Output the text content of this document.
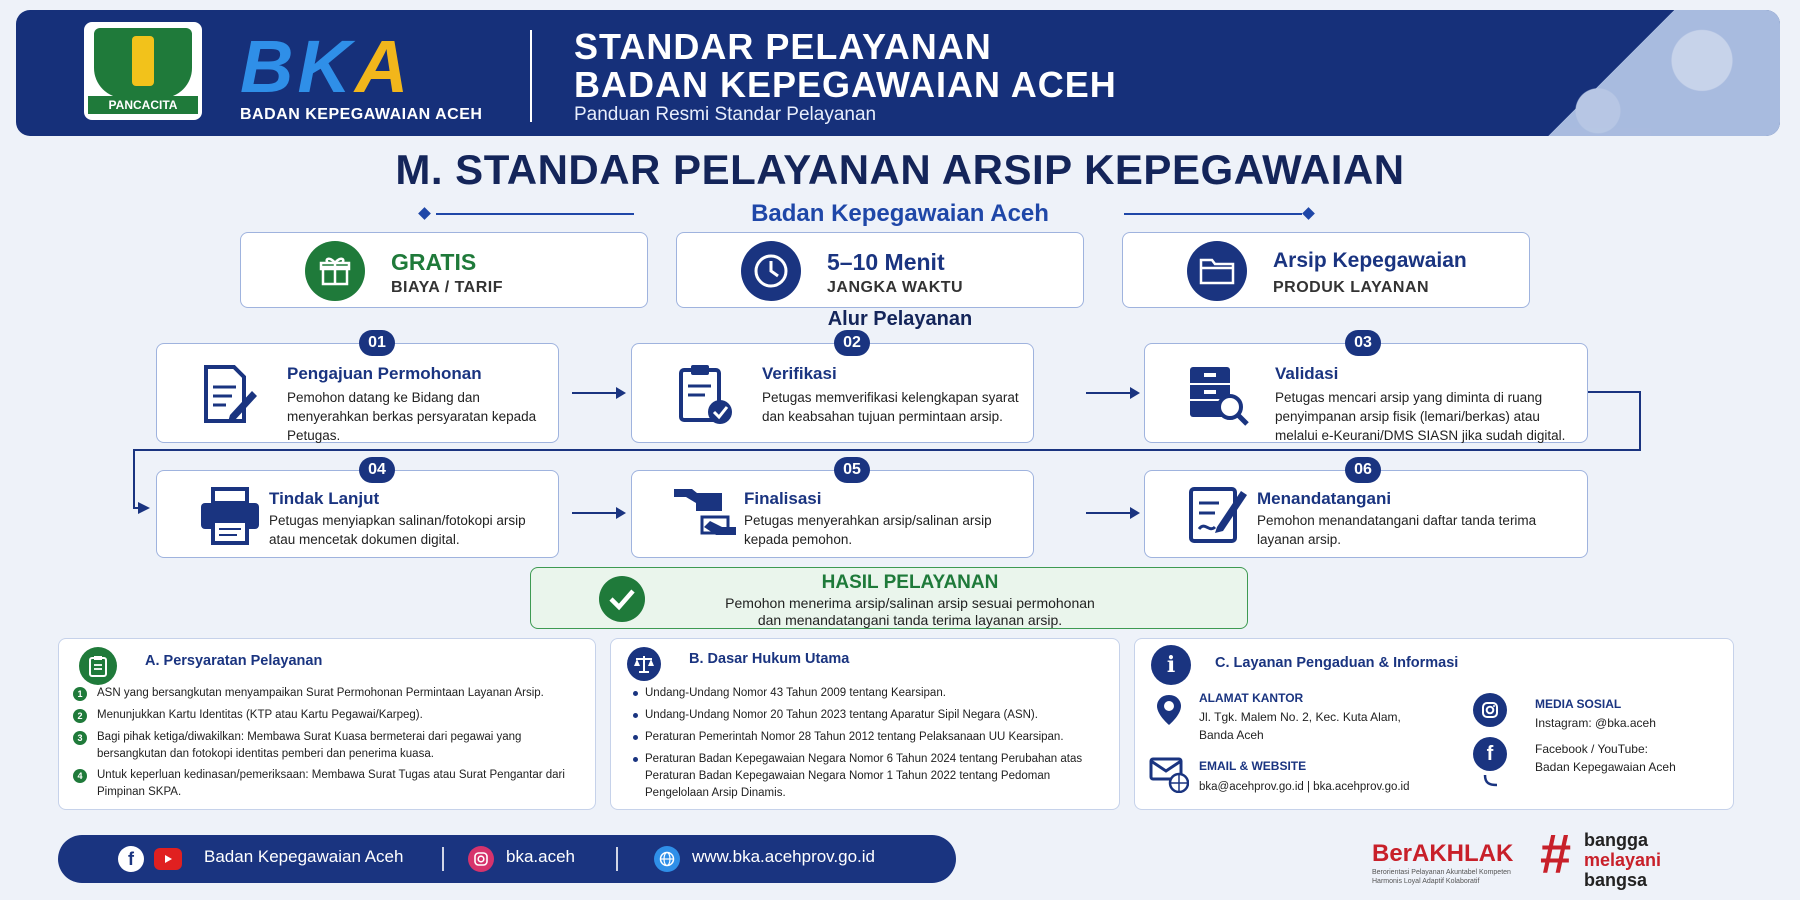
PANCACITA BKA
BADAN KEPEGAWAIAN ACEH
STANDAR PELAYANAN
BADAN KEPEGAWAIAN ACEH
Panduan Resmi Standar Pelayanan
M. STANDAR PELAYANAN ARSIP KEPEGAWAIAN
Badan Kepegawaian Aceh
GRATIS
BIAYA / TARIF
5–10 Menit
JANGKA WAKTU
Arsip Kepegawaian
PRODUK LAYANAN
Alur Pelayanan
01
Pengajuan Permohonan
Pemohon datang ke Bidang dan menyerahkan berkas persyaratan kepada Petugas.
02
Verifikasi
Petugas memverifikasi kelengkapan syarat dan keabsahan tujuan permintaan arsip.
03
Validasi
Petugas mencari arsip yang diminta di ruang penyimpanan arsip fisik (lemari/berkas) atau melalui e-Keurani/DMS SIASN jika sudah digital.
04
Tindak Lanjut
Petugas menyiapkan salinan/fotokopi arsip atau mencetak dokumen digital.
05
Finalisasi
Petugas menyerahkan arsip/salinan arsip kepada pemohon.
06
Menandatangani
Pemohon menandatangani daftar tanda terima layanan arsip.
HASIL PELAYANAN
Pemohon menerima arsip/salinan arsip sesuai permohonan
dan menandatangani tanda terima layanan arsip.
A. Persyaratan Pelayanan
1	ASN yang bersangkutan menyampaikan Surat Permohonan Permintaan Layanan Arsip.
2	Menunjukkan Kartu Identitas (KTP atau Kartu Pegawai/Karpeg).
3	Bagi pihak ketiga/diwakilkan: Membawa Surat Kuasa bermeterai dari pegawai yang bersangkutan dan fotokopi identitas pemberi dan penerima kuasa.
4	Untuk keperluan kedinasan/pemeriksaan: Membawa Surat Tugas atau Surat Pengantar dari Pimpinan SKPA.
B. Dasar Hukum Utama
Undang-Undang Nomor 43 Tahun 2009 tentang Kearsipan.
Undang-Undang Nomor 20 Tahun 2023 tentang Aparatur Sipil Negara (ASN).
Peraturan Pemerintah Nomor 28 Tahun 2012 tentang Pelaksanaan UU Kearsipan.
Peraturan Badan Kepegawaian Negara Nomor 6 Tahun 2024 tentang Perubahan atas Peraturan Badan Kepegawaian Negara Nomor 1 Tahun 2022 tentang Pedoman Pengelolaan Arsip Dinamis.
i	C. Layanan Pengaduan & Informasi
ALAMAT KANTOR
Jl. Tgk. Malem No. 2, Kec. Kuta Alam,
Banda Aceh
EMAIL & WEBSITE
bka@acehprov.go.id | bka.acehprov.go.id
MEDIA SOSIAL
Instagram: @bka.aceh
f	Facebook / YouTube:
Badan Kepegawaian Aceh
f	Badan Kepegawaian Aceh	bka.aceh	www.bka.acehprov.go.id	BerAKHLAK
Berorientasi Pelayanan Akuntabel Kompeten Harmonis Loyal Adaptif Kolaboratif	# bangga
melayani
bangsa
